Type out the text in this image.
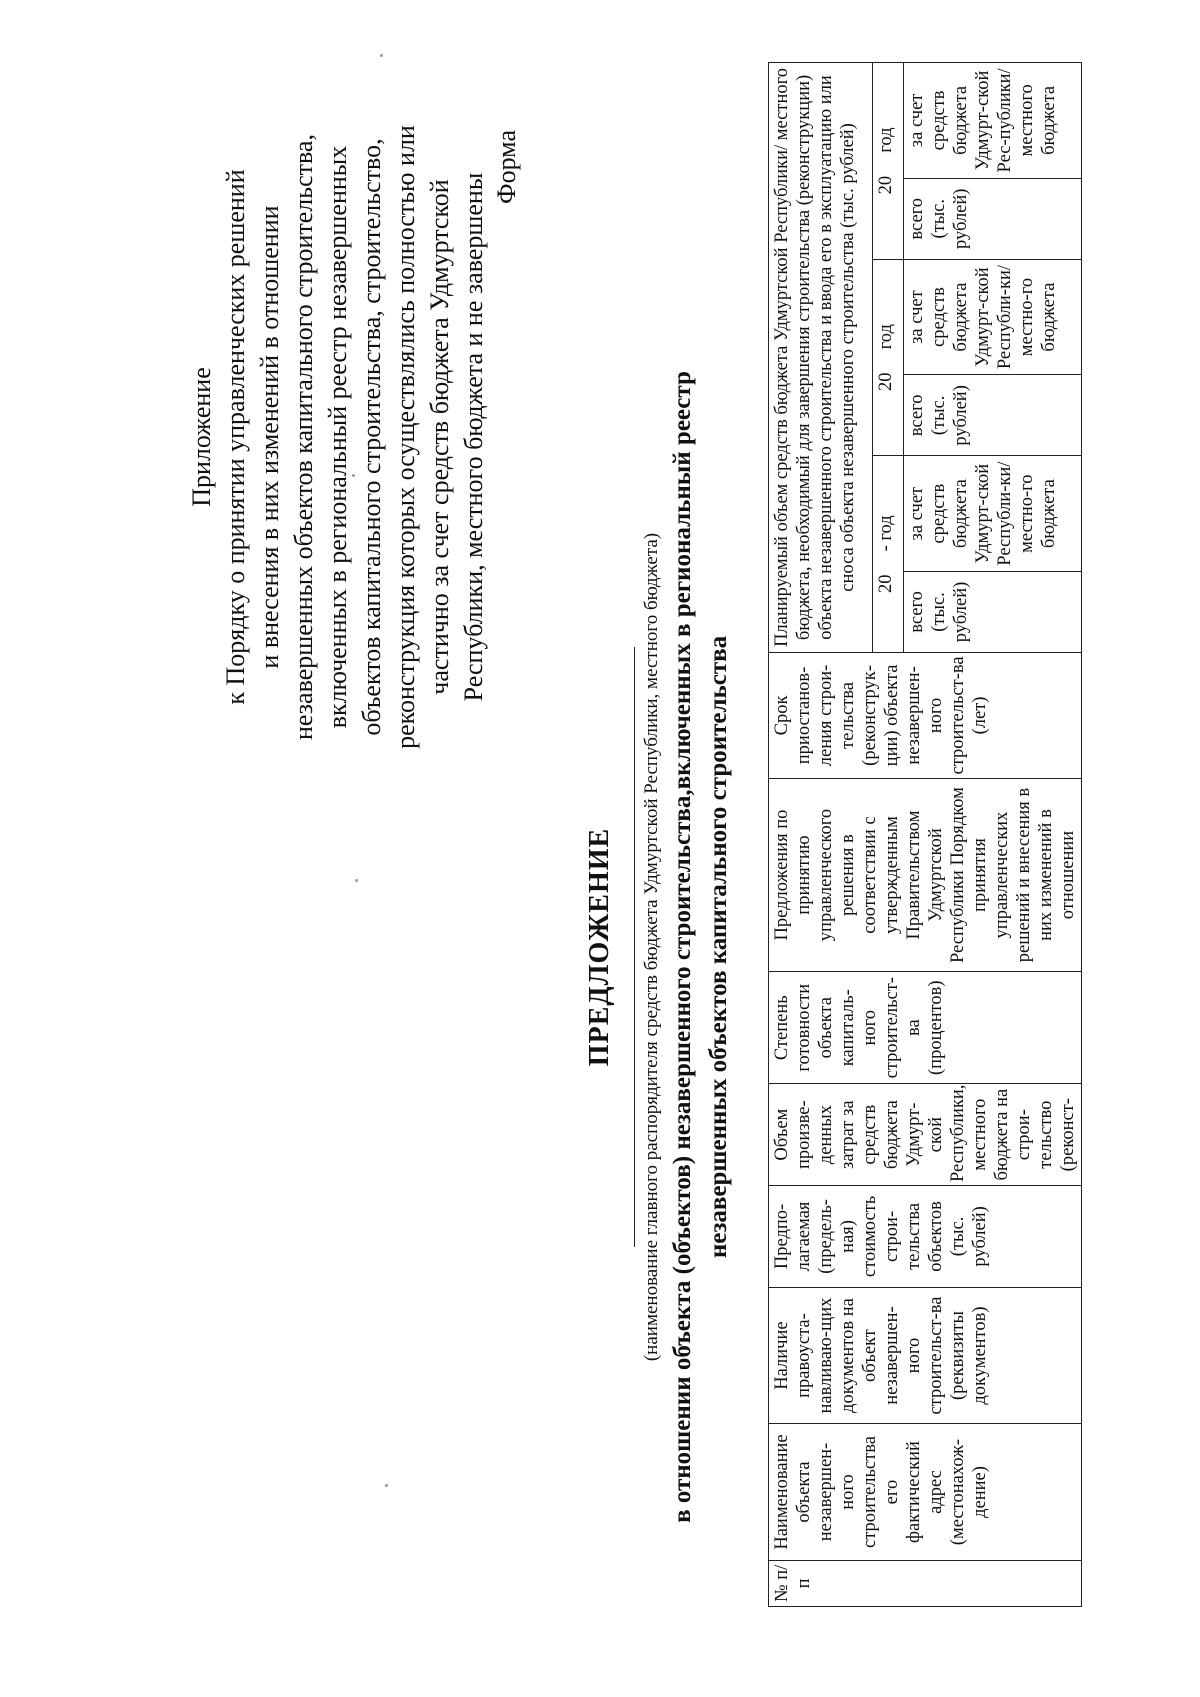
Приложение к Порядку о принятии управленческих решений и внесения в них изменений в отношении незавершенных объектов капитального строительства, включенных в региональный реестр незавершенных объектов капитального строительства, строительство, реконструкция которых осуществлялись полностью или частично за счет средств бюджета Удмуртской Республики, местного бюджета и не завершены
Форма
ПРЕДЛОЖЕНИЕ (наименование главного распорядителя средств бюджета Удмуртской Республики, местного бюджета) в отношении объекта (объектов) незавершенного строительства,включенных в региональный реестр незавершенных объектов капитального строительства
№ п/п	Наименование объекта незавершен-ного строительства его фактический адрес (местонахож-дение)	Наличие правоуста-навливаю-щих документов на объект незавершен-ного строительст-ва (реквизиты документов)	Предпо-лагаемая (предель-ная) стоимость строи-тельства объектов (тыс. рублей)	Объем произве-денных затрат за средств бюджета Удмурт-ской Республики, местного бюджета на строи-тельство (реконст-	Степень готовности объекта капиталь-ного строительст-ва (процентов)	Предложения по принятию управленческого решения в соответствии с утвержденным Правительством Удмуртской Республики Порядком принятия управленческих решений и внесения в них изменений в отношении	Срок приостанов-ления строи-тельства (реконструк-ции) объекта незавершен-ного строительст-ва (лет)	Планируемый объем средств бюджета Удмуртской Республики/ местного бюджета, необходимый для завершения строительства (реконструкции) объекта незавершенного строительства и ввода его в эксплуатацию или сноса объекта незавершенного строительства (тыс. рублей)					
								20     - год		20     год		20     год	
								всего (тыс. рублей)	за счет средств бюджета Удмурт-ской Республи-ки/местно-го бюджета	всего (тыс. рублей)	за счет средств бюджета Удмурт-ской Республи-ки/местно-го бюджета	всего (тыс. рублей)	за счет средств бюджета Удмурт-ской Рес-публики/ местного бюджета
